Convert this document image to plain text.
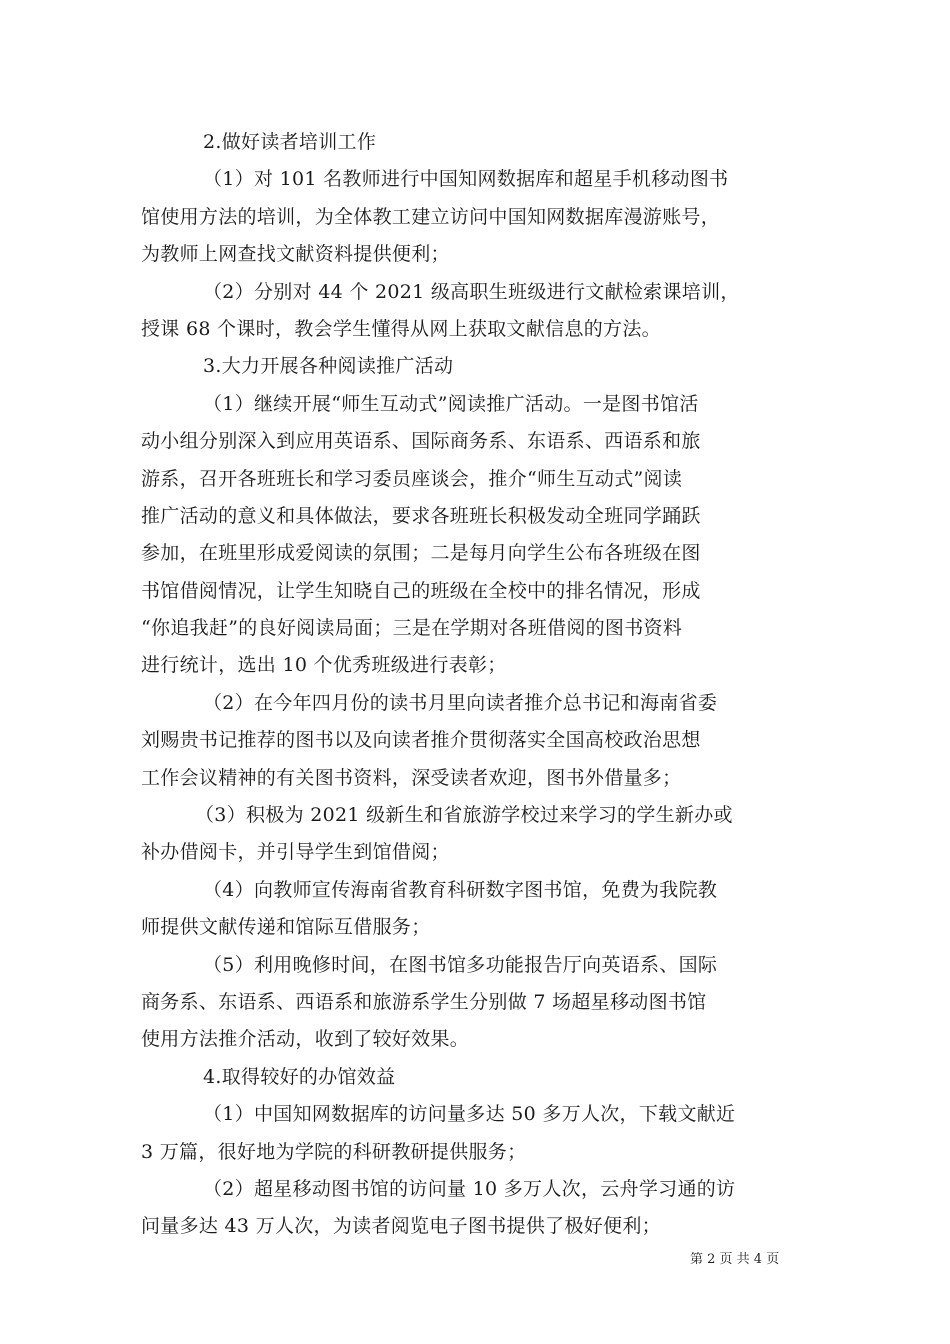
2.做好读者培训工作
（1）对 101 名教师进行中国知网数据库和超星手机移动图书
馆使用方法的培训，为全体教工建立访问中国知网数据库漫游账号，
为教师上网查找文献资料提供便利；
（2）分别对 44 个 2021 级高职生班级进行文献检索课培训，
授课 68 个课时，教会学生懂得从网上获取文献信息的方法。
3.大力开展各种阅读推广活动
（1）继续开展“师生互动式”阅读推广活动。一是图书馆活
动小组分别深入到应用英语系、国际商务系、东语系、西语系和旅
游系，召开各班班长和学习委员座谈会，推介“师生互动式”阅读
推广活动的意义和具体做法，要求各班班长积极发动全班同学踊跃
参加，在班里形成爱阅读的氛围；二是每月向学生公布各班级在图
书馆借阅情况，让学生知晓自己的班级在全校中的排名情况，形成
“你追我赶”的良好阅读局面；三是在学期对各班借阅的图书资料
进行统计，选出 10 个优秀班级进行表彰；
（2）在今年四月份的读书月里向读者推介总书记和海南省委
刘赐贵书记推荐的图书以及向读者推介贯彻落实全国高校政治思想
工作会议精神的有关图书资料，深受读者欢迎，图书外借量多；
（3）积极为 2021 级新生和省旅游学校过来学习的学生新办或
补办借阅卡，并引导学生到馆借阅；
（4）向教师宣传海南省教育科研数字图书馆，免费为我院教
师提供文献传递和馆际互借服务；
（5）利用晚修时间，在图书馆多功能报告厅向英语系、国际
商务系、东语系、西语系和旅游系学生分别做 7 场超星移动图书馆
使用方法推介活动，收到了较好效果。
4.取得较好的办馆效益
（1）中国知网数据库的访问量多达 50 多万人次，下载文献近
3 万篇，很好地为学院的科研教研提供服务；
（2）超星移动图书馆的访问量 10 多万人次，云舟学习通的访
问量多达 43 万人次，为读者阅览电子图书提供了极好便利；
第 2 页 共 4 页
